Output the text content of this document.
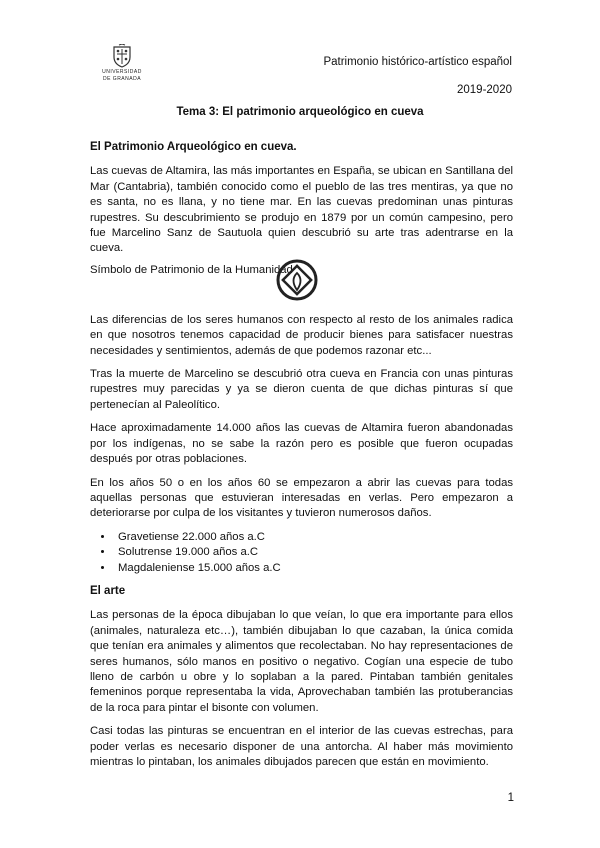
UNIVERSIDAD
DE GRANADA
Patrimonio histórico-artístico español
2019-2020
Tema 3: El patrimonio arqueológico en cueva
El Patrimonio Arqueológico en cueva.

Las cuevas de Altamira, las más importantes en España, se ubican en Santillana del Mar (Cantabria), también conocido como el pueblo de las tres mentiras, ya que no es santa, no es llana, y no tiene mar. En las cuevas predominan unas pinturas rupestres. Su descubrimiento se produjo en 1879 por un común campesino, pero fue Marcelino Sanz de Sautuola quien descubrió su arte tras adentrarse en la cueva.

Símbolo de Patrimonio de la Humanidad

Las diferencias de los seres humanos con respecto al resto de los animales radica en que nosotros tenemos capacidad de producir bienes para satisfacer nuestras necesidades y sentimientos, además de que podemos razonar etc...

Tras la muerte de Marcelino se descubrió otra cueva en Francia con unas pinturas rupestres muy parecidas y ya se dieron cuenta de que dichas pinturas sí que pertenecían al Paleolítico.

Hace aproximadamente 14.000 años las cuevas de Altamira fueron abandonadas por los indígenas, no se sabe la razón pero es posible que fueron ocupadas después por otras poblaciones.

En los años 50 o en los años 60 se empezaron a abrir las cuevas para todas aquellas personas que estuvieran interesadas en verlas. Pero empezaron a deteriorarse por culpa de los visitantes y tuvieron numerosos daños.

• Gravetiense 22.000 años a.C
• Solutrense 19.000 años a.C
• Magdaleniense 15.000 años a.C
El arte

Las personas de la época dibujaban lo que veían, lo que era importante para ellos (animales, naturaleza etc…), también dibujaban lo que cazaban, la única comida que tenían era animales y alimentos que recolectaban. No hay representaciones de seres humanos, sólo manos en positivo o negativo. Cogían una especie de tubo lleno de carbón u obre y lo soplaban a la pared. Pintaban también genitales femeninos porque representaba la vida, Aprovechaban también las protuberancias de la roca para pintar el bisonte con volumen.

Casi todas las pinturas se encuentran en el interior de las cuevas estrechas, para poder verlas es necesario disponer de una antorcha. Al haber más movimiento mientras lo pintaban, los animales dibujados parecen que están en movimiento.

1
